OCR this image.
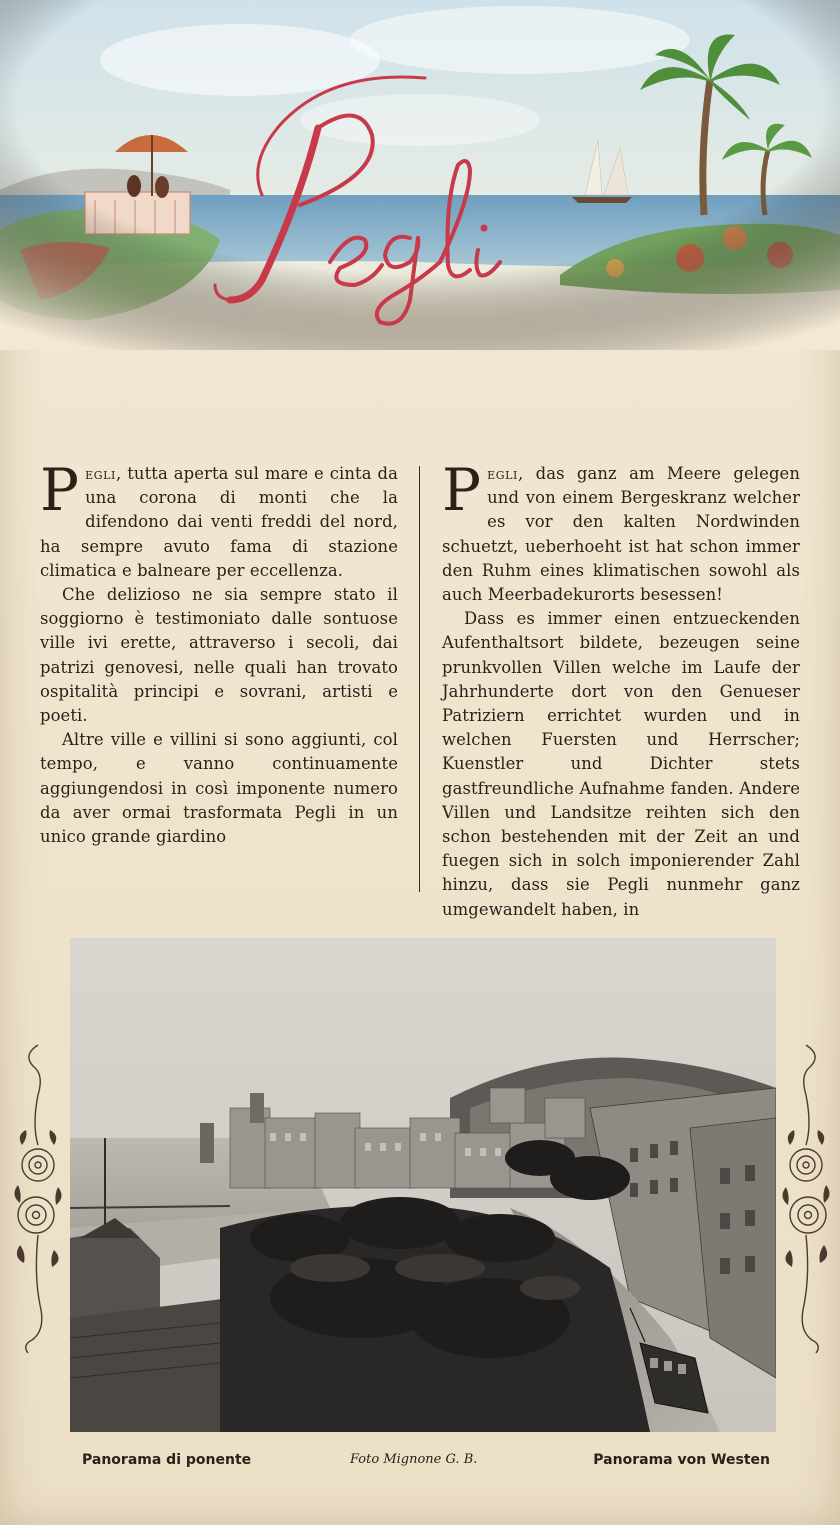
Pegli, tutta aperta sul mare e cinta da una corona di monti che la difendono dai venti freddi del nord, ha sempre avuto fama di stazione climatica e balneare per eccellenza.

Che delizioso ne sia sempre stato il soggiorno è testimoniato dalle sontuose ville ivi erette, attraverso i secoli, dai patrizi genovesi, nelle quali han trovato ospitalità principi e sovrani, artisti e poeti.

Altre ville e villini si sono aggiunti, col tempo, e vanno continuamente aggiungendosi in così imponente numero da aver ormai trasformata Pegli in un unico grande giardino

Pegli, das ganz am Meere gelegen und von einem Bergeskranz welcher es vor den kalten Nordwinden schuetzt, ueberhoeht ist hat schon immer den Ruhm eines klimatischen sowohl als auch Meerbadekurorts besessen!

Dass es immer einen entzueckenden Aufenthaltsort bildete, bezeugen seine prunkvollen Villen welche im Laufe der Jahrhunderte dort von den Genueser Patriziern errichtet wurden und in welchen Fuersten und Herrscher; Kuenstler und Dichter stets gastfreundliche Aufnahme fanden. Andere Villen und Landsitze reihten sich den schon bestehenden mit der Zeit an und fuegen sich in solch imponierender Zahl hinzu, dass sie Pegli nunmehr ganz umgewandelt haben, in

Panorama di ponente	Foto Mignone G. B.	Panorama von Westen
